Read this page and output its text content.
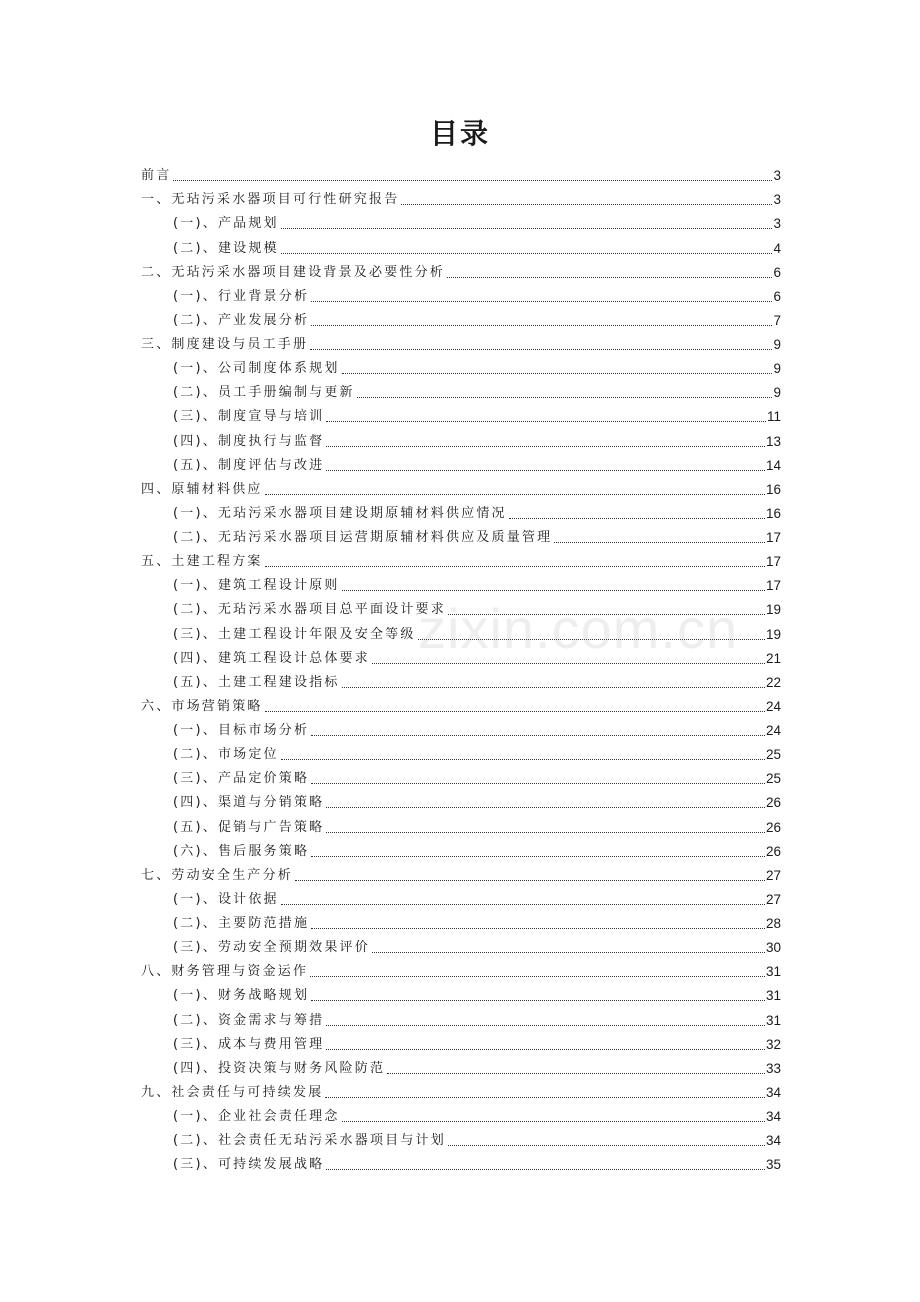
目录
前言	3
一、无玷污采水器项目可行性研究报告	3
(一)、产品规划	3
(二)、建设规模	4
二、无玷污采水器项目建设背景及必要性分析	6
(一)、行业背景分析	6
(二)、产业发展分析	7
三、制度建设与员工手册	9
(一)、公司制度体系规划	9
(二)、员工手册编制与更新	9
(三)、制度宣导与培训	11
(四)、制度执行与监督	13
(五)、制度评估与改进	14
四、原辅材料供应	16
(一)、无玷污采水器项目建设期原辅材料供应情况	16
(二)、无玷污采水器项目运营期原辅材料供应及质量管理	17
五、土建工程方案	17
(一)、建筑工程设计原则	17
(二)、无玷污采水器项目总平面设计要求	19
(三)、土建工程设计年限及安全等级	19
(四)、建筑工程设计总体要求	21
(五)、土建工程建设指标	22
六、市场营销策略	24
(一)、目标市场分析	24
(二)、市场定位	25
(三)、产品定价策略	25
(四)、渠道与分销策略	26
(五)、促销与广告策略	26
(六)、售后服务策略	26
七、劳动安全生产分析	27
(一)、设计依据	27
(二)、主要防范措施	28
(三)、劳动安全预期效果评价	30
八、财务管理与资金运作	31
(一)、财务战略规划	31
(二)、资金需求与筹措	31
(三)、成本与费用管理	32
(四)、投资决策与财务风险防范	33
九、社会责任与可持续发展	34
(一)、企业社会责任理念	34
(二)、社会责任无玷污采水器项目与计划	34
(三)、可持续发展战略	35
zixin.com.cn
